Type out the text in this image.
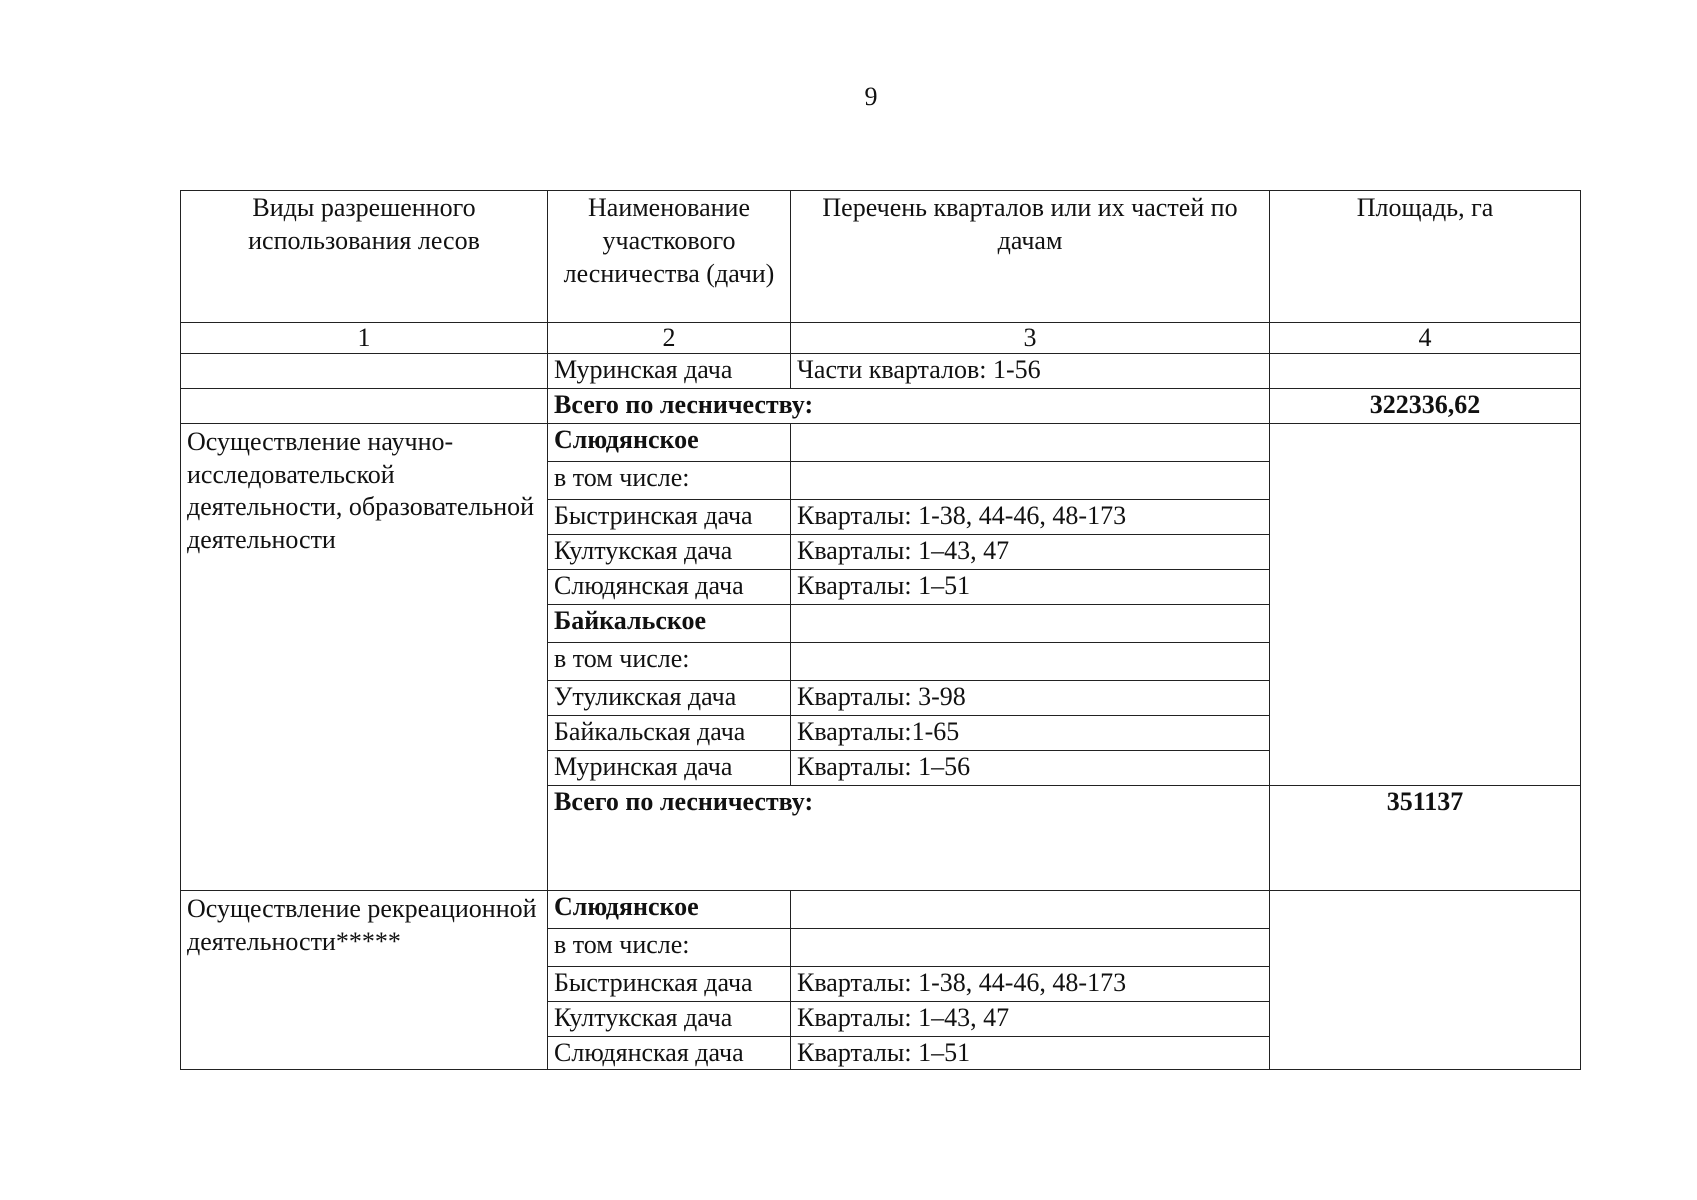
9
Виды разрешенного использования лесов	Наименование участкового лесничества (дачи)	Перечень кварталов или их частей по дачам	Площадь, га
1	2	3	4
	Муринская дача	Части кварталов: 1-56	
	Всего по лесничеству:		322336,62
Осуществление научно-исследовательской деятельности, образовательной деятельности	Слюдянское		
	в том числе:		
	Быстринская дача	Кварталы: 1-38, 44-46, 48-173	
	Култукская дача	Кварталы: 1–43, 47	
	Слюдянская дача	Кварталы: 1–51	
	Байкальское		
	в том числе:		
	Утуликская дача	Кварталы: 3-98	
	Байкальская дача	Кварталы:1-65	
	Муринская дача	Кварталы: 1–56	
	Всего по лесничеству:		351137
Осуществление рекреационной деятельности*****	Слюдянское		
	в том числе:		
	Быстринская дача	Кварталы: 1-38, 44-46, 48-173	
	Култукская дача	Кварталы: 1–43, 47	
	Слюдянская дача	Кварталы: 1–51	
